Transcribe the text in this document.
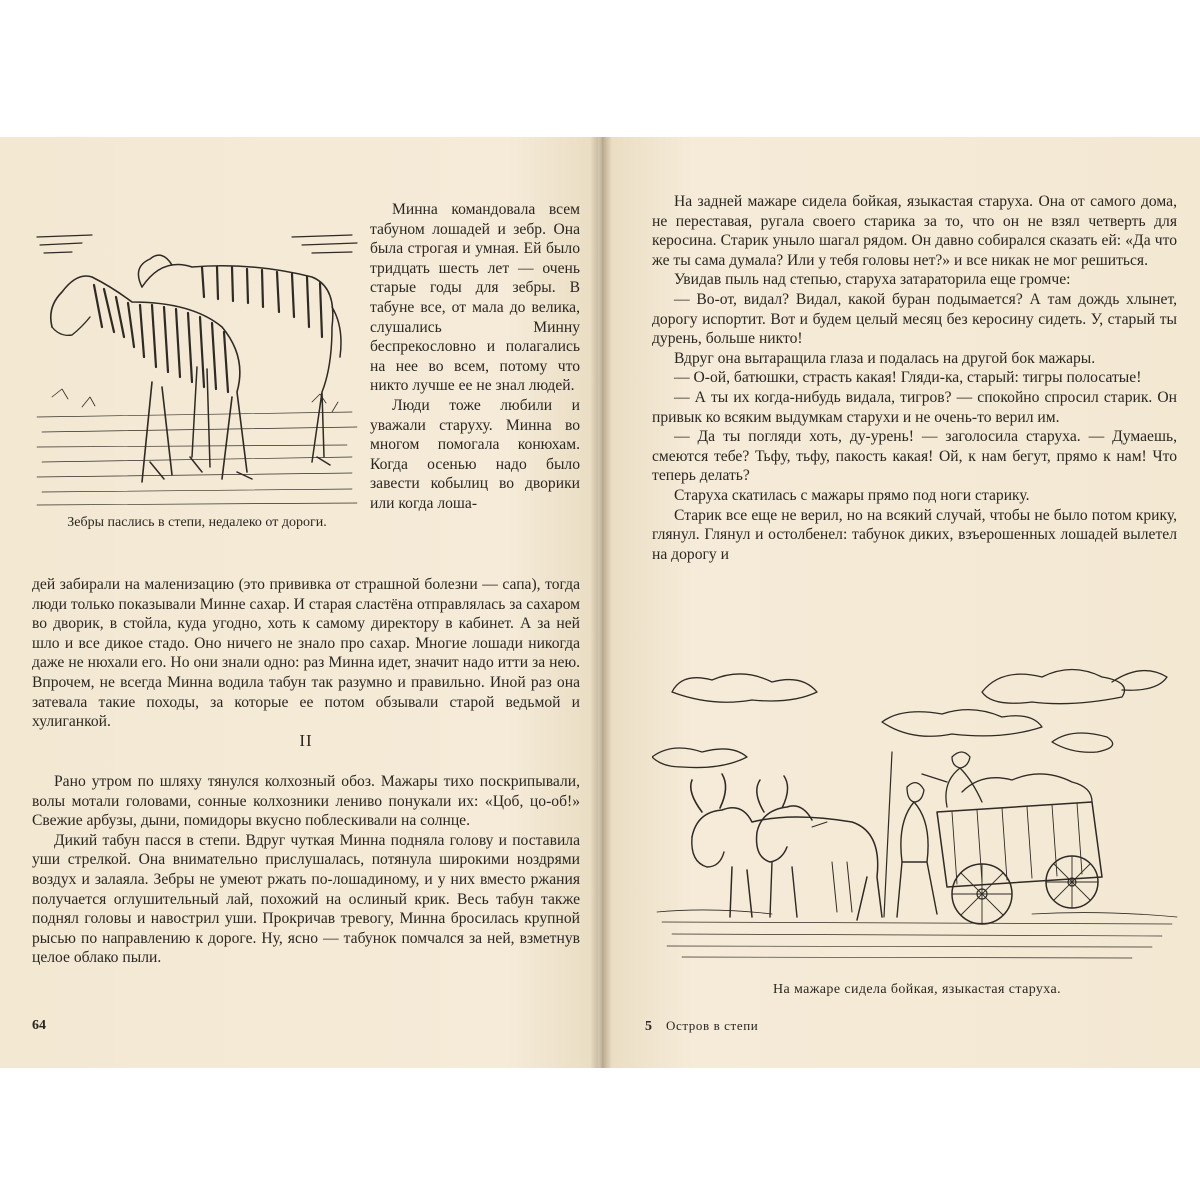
Зебры паслись в степи, недалеко от дороги.

Минна командовала всем табуном лошадей и зебр. Она была строгая и умная. Ей было тридцать шесть лет — очень старые годы для зебры. В табуне все, от мала до велика, слушались Минну беспрекословно и полагались на нее во всем, потому что никто лучше ее не знал людей.

Люди тоже любили и уважали старуху. Минна во многом помогала конюхам. Когда осенью надо было завести кобылиц во дворики или когда лоша-

дей забирали на маленизацию (это прививка от страшной болезни — сапа), тогда люди только показывали Минне сахар. И старая сластёна отправлялась за сахаром во дворик, в стойла, куда угодно, хоть к самому директору в кабинет. А за ней шло и все дикое стадо. Оно ничего не знало про сахар. Многие лошади никогда даже не нюхали его. Но они знали одно: раз Минна идет, значит надо итти за нею. Впрочем, не всегда Минна водила табун так разумно и правильно. Иной раз она затевала такие походы, за которые ее потом обзывали старой ведьмой и хулиганкой.

II

Рано утром по шляху тянулся колхозный обоз. Мажары тихо поскрипывали, волы мотали головами, сонные колхозники лениво понукали их: «Цоб, цо-об!» Свежие арбузы, дыни, помидоры вкусно поблескивали на солнце.

Дикий табун пасся в степи. Вдруг чуткая Минна подняла голову и поставила уши стрелкой. Она внимательно прислушалась, потянула широкими ноздрями воздух и залаяла. Зебры не умеют ржать по-лошадиному, и у них вместо ржания получается оглушительный лай, похожий на ослиный крик. Весь табун также поднял головы и навострил уши. Прокричав тревогу, Минна бросилась крупной рысью по направлению к дороге. Ну, ясно — табунок помчался за ней, взметнув целое облако пыли.

64

На задней мажаре сидела бойкая, языкастая старуха. Она от самого дома, не переставая, ругала своего старика за то, что он не взял четверть для керосина. Старик уныло шагал рядом. Он давно собирался сказать ей: «Да что же ты сама думала? Или у тебя головы нет?» и все никак не мог решиться.

Увидав пыль над степью, старуха затараторила еще громче:

— Во-от, видал? Видал, какой буран подымается? А там дождь хлынет, дорогу испортит. Вот и будем целый месяц без керосину сидеть. У, старый ты дурень, больше никто!

Вдруг она вытаращила глаза и подалась на другой бок мажары.

— О-ой, батюшки, страсть какая! Гляди-ка, старый: тигры полосатые!

— А ты их когда-нибудь видала, тигров? — спокойно спросил старик. Он привык ко всяким выдумкам старухи и не очень-то верил им.

— Да ты погляди хоть, ду-урень! — заголосила старуха. — Думаешь, смеются тебе? Тьфу, тьфу, пакость какая! Ой, к нам бегут, прямо к нам! Что теперь делать?

Старуха скатилась с мажары прямо под ноги старику.

Старик все еще не верил, но на всякий случай, чтобы не было потом крику, глянул. Глянул и остолбенел: табунок диких, взъерошенных лошадей вылетел на дорогу и

На мажаре сидела бойкая, языкастая старуха.
5 Остров в степи
